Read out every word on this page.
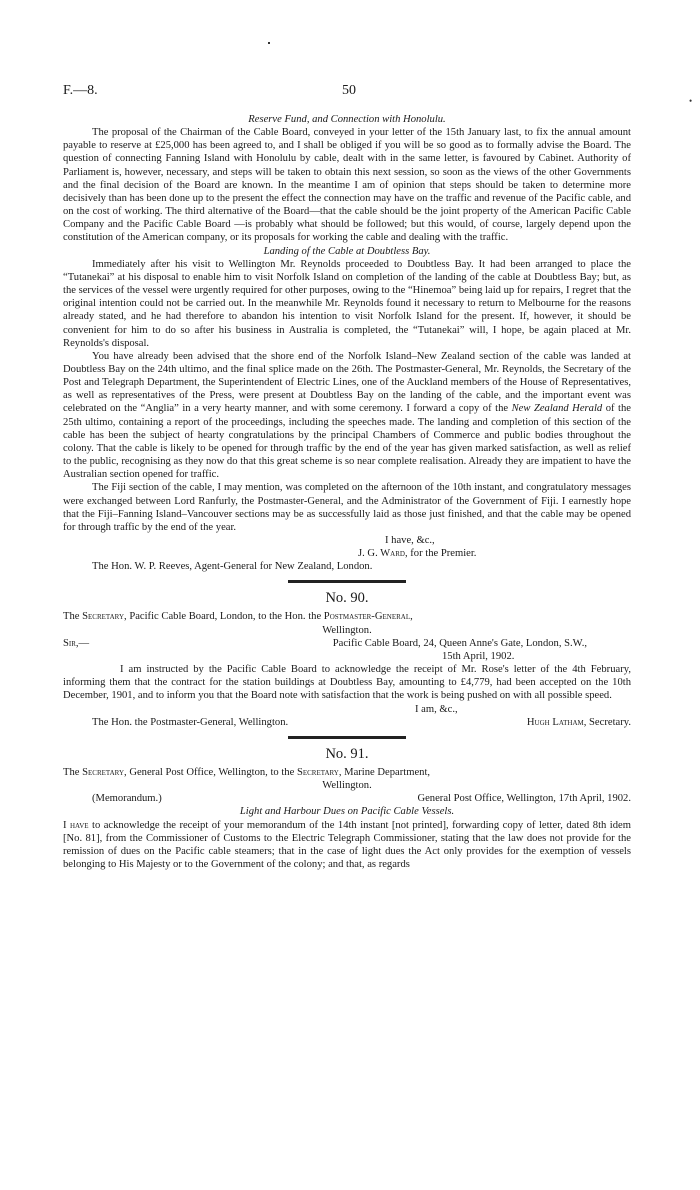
•
F.—8.	50

Reserve Fund, and Connection with Honolulu.

The proposal of the Chairman of the Cable Board, conveyed in your letter of the 15th January last, to fix the annual amount payable to reserve at £25,000 has been agreed to, and I shall be obliged if you will be so good as to formally advise the Board. The question of connecting Fanning Island with Honolulu by cable, dealt with in the same letter, is favoured by Cabinet. Authority of Parliament is, however, necessary, and steps will be taken to obtain this next session, so soon as the views of the other Governments and the final decision of the Board are known. In the meantime I am of opinion that steps should be taken to determine more decisively than has been done up to the present the effect the connection may have on the traffic and revenue of the Pacific cable, and on the cost of working. The third alternative of the Board—that the cable should be the joint property of the American Pacific Cable Company and the Pacific Cable Board —is probably what should be followed; but this would, of course, largely depend upon the constitution of the American company, or its proposals for working the cable and dealing with the traffic.

Landing of the Cable at Doubtless Bay.

Immediately after his visit to Wellington Mr. Reynolds proceeded to Doubtless Bay. It had been arranged to place the “Tutanekai” at his disposal to enable him to visit Norfolk Island on completion of the landing of the cable at Doubtless Bay; but, as the services of the vessel were urgently required for other purposes, owing to the “Hinemoa” being laid up for repairs, I regret that the original intention could not be carried out. In the meanwhile Mr. Reynolds found it necessary to return to Melbourne for the reasons already stated, and he had therefore to abandon his intention to visit Norfolk Island for the present. If, however, it should be convenient for him to do so after his business in Australia is completed, the “Tutanekai” will, I hope, be again placed at Mr. Reynolds's disposal.

You have already been advised that the shore end of the Norfolk Island–New Zealand section of the cable was landed at Doubtless Bay on the 24th ultimo, and the final splice made on the 26th. The Postmaster-General, Mr. Reynolds, the Secretary of the Post and Telegraph Department, the Superintendent of Electric Lines, one of the Auckland members of the House of Representatives, as well as representatives of the Press, were present at Doubtless Bay on the landing of the cable, and the important event was celebrated on the “Anglia” in a very hearty manner, and with some ceremony. I forward a copy of the New Zealand Herald of the 25th ultimo, containing a report of the proceedings, including the speeches made. The landing and completion of this section of the cable has been the subject of hearty congratulations by the principal Chambers of Commerce and public bodies throughout the colony. That the cable is likely to be opened for through traffic by the end of the year has given marked satisfaction, as well as relief to the public, recognising as they now do that this great scheme is so near complete realisation. Already they are impatient to have the Australian section opened for traffic.

The Fiji section of the cable, I may mention, was completed on the afternoon of the 10th instant, and congratulatory messages were exchanged between Lord Ranfurly, the Postmaster-General, and the Administrator of the Government of Fiji. I earnestly hope that the Fiji–Fanning Island–Vancouver sections may be as successfully laid as those just finished, and that the cable may be opened for through traffic by the end of the year.

I have, &c.,

J. G. Ward, for the Premier.

The Hon. W. P. Reeves, Agent-General for New Zealand, London.

No. 90.

The Secretary, Pacific Cable Board, London, to the Hon. the Postmaster-General,

Wellington.

Sir,—	Pacific Cable Board, 24, Queen Anne's Gate, London, S.W.,

15th April, 1902.

I am instructed by the Pacific Cable Board to acknowledge the receipt of Mr. Rose's letter of the 4th February, informing them that the contract for the station buildings at Doubtless Bay, amounting to £4,779, had been accepted on the 10th December, 1901, and to inform you that the Board note with satisfaction that the work is being pushed on with all possible speed.

I am, &c.,

The Hon. the Postmaster-General, Wellington.	Hugh Latham, Secretary.

No. 91.

The Secretary, General Post Office, Wellington, to the Secretary, Marine Department,

Wellington.

(Memorandum.)	General Post Office, Wellington, 17th April, 1902.

Light and Harbour Dues on Pacific Cable Vessels.

I have to acknowledge the receipt of your memorandum of the 14th instant [not printed], forwarding copy of letter, dated 8th idem [No. 81], from the Commissioner of Customs to the Electric Telegraph Commissioner, stating that the law does not provide for the remission of dues on the Pacific cable steamers; that in the case of light dues the Act only provides for the exemption of vessels belonging to His Majesty or to the Government of the colony; and that, as regards
